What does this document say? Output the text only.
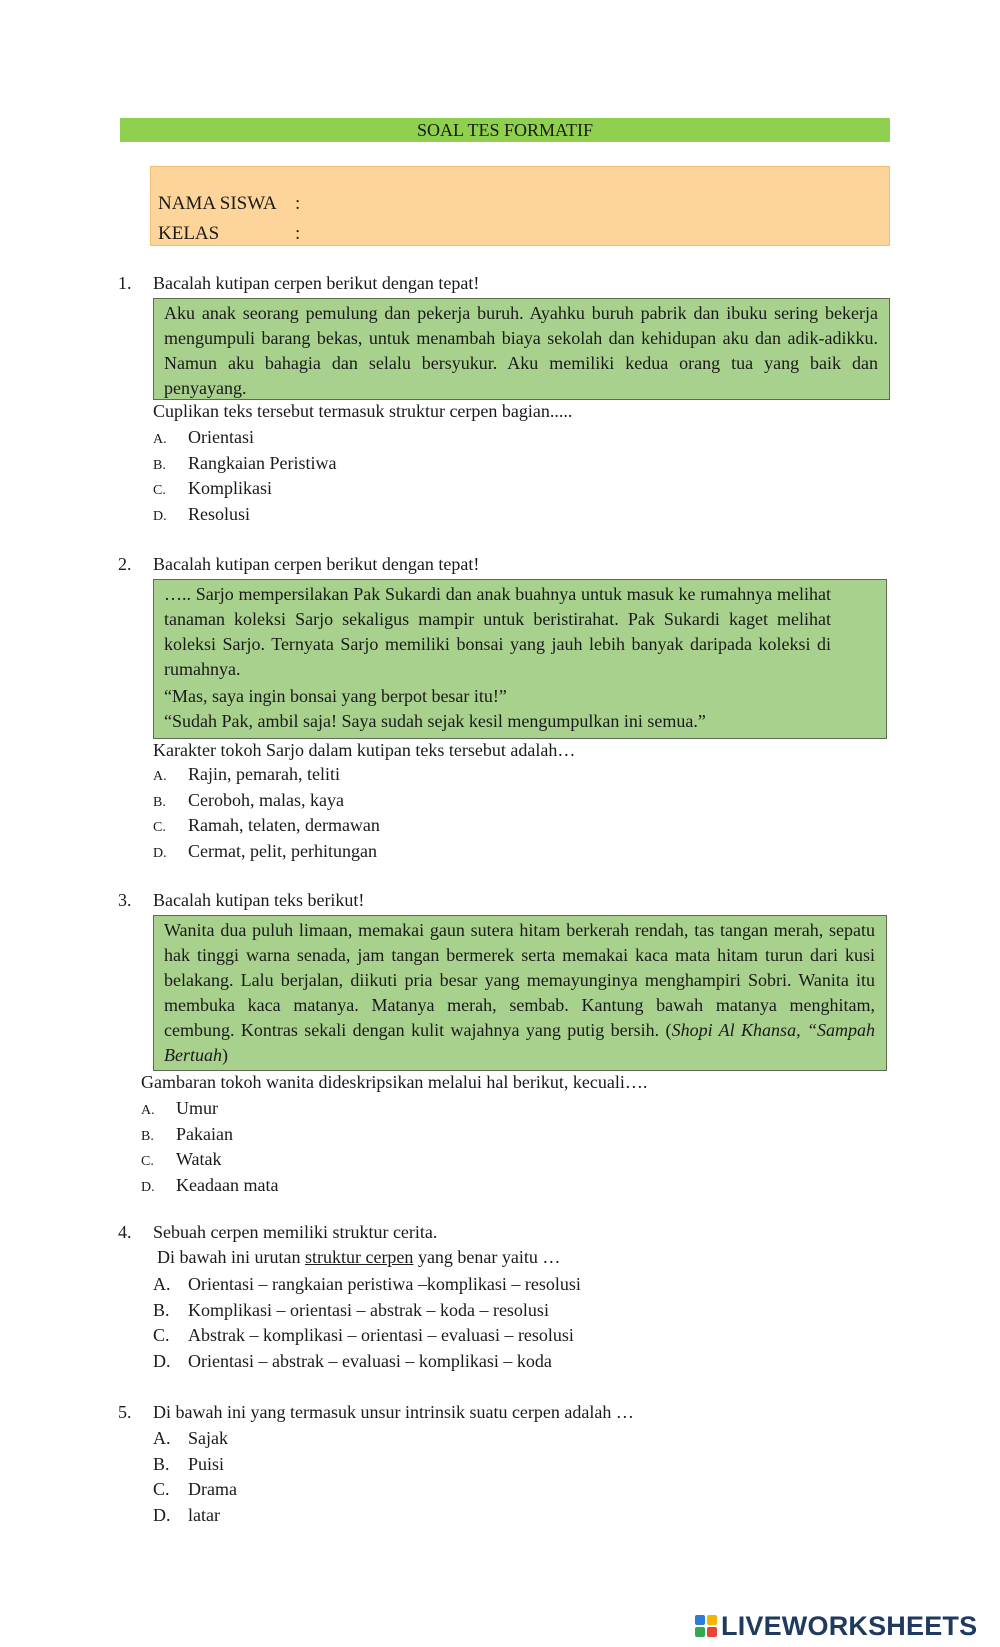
SOAL TES FORMATIF
NAMA SISWA :
KELAS	:
1. Bacalah kutipan cerpen berikut dengan tepat!
Aku anak seorang pemulung dan pekerja buruh. Ayahku buruh pabrik dan ibuku sering bekerja mengumpuli barang bekas, untuk menambah biaya sekolah dan kehidupan aku dan adik-adikku. Namun aku bahagia dan selalu bersyukur. Aku memiliki kedua orang tua yang baik dan penyayang.
Cuplikan teks tersebut termasuk struktur cerpen bagian.....
A. Orientasi
B. Rangkaian Peristiwa
C. Komplikasi
D. Resolusi
2. Bacalah kutipan cerpen berikut dengan tepat!
….. Sarjo mempersilakan Pak Sukardi dan anak buahnya untuk masuk ke rumahnya melihat tanaman koleksi Sarjo sekaligus mampir untuk beristirahat. Pak Sukardi kaget melihat koleksi Sarjo. Ternyata Sarjo memiliki bonsai yang jauh lebih banyak daripada koleksi di rumahnya.
“Mas, saya ingin bonsai yang berpot besar itu!”
“Sudah Pak, ambil saja! Saya sudah sejak kesil mengumpulkan ini semua.”
Karakter tokoh Sarjo dalam kutipan teks tersebut adalah…
A. Rajin, pemarah, teliti
B. Ceroboh, malas, kaya
C. Ramah, telaten, dermawan
D. Cermat, pelit, perhitungan
3. Bacalah kutipan teks berikut!
Wanita dua puluh limaan, memakai gaun sutera hitam berkerah rendah, tas tangan merah, sepatu hak tinggi warna senada, jam tangan bermerek serta memakai kaca mata hitam turun dari kusi belakang. Lalu berjalan, diikuti pria besar yang memayunginya menghampiri Sobri. Wanita itu membuka kaca matanya. Matanya merah, sembab. Kantung bawah matanya menghitam, cembung. Kontras sekali dengan kulit wajahnya yang putig bersih. (Shopi Al Khansa, “Sampah Bertuah)
Gambaran tokoh wanita dideskripsikan melalui hal berikut, kecuali….
A. Umur
B. Pakaian
C. Watak
D. Keadaan mata
4. Sebuah cerpen memiliki struktur cerita.
Di bawah ini urutan struktur cerpen yang benar yaitu …
A. Orientasi – rangkaian peristiwa –komplikasi – resolusi
B. Komplikasi – orientasi – abstrak – koda – resolusi
C. Abstrak – komplikasi – orientasi – evaluasi – resolusi
D. Orientasi – abstrak – evaluasi – komplikasi – koda
5. Di bawah ini yang termasuk unsur intrinsik suatu cerpen adalah …
A. Sajak
B. Puisi
C. Drama
D. latar
LIVEWORKSHEETS
